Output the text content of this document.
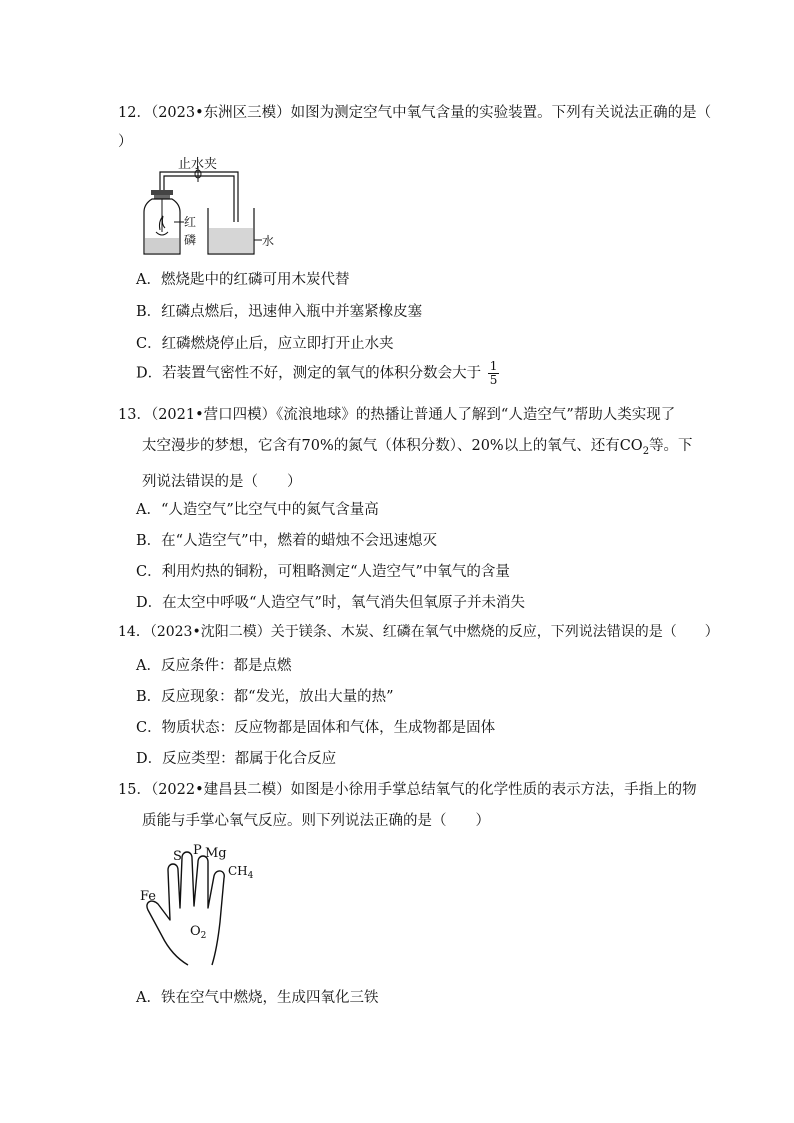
12．（2023•东洲区三模）如图为测定空气中氧气含量的实验装置。下列有关说法正确的是（
）
止水夹
红
磷	水
A．燃烧匙中的红磷可用木炭代替
B．红磷点燃后，迅速伸入瓶中并塞紧橡皮塞
C．红磷燃烧停止后，应立即打开止水夹
D．若装置气密性不好，测定的氧气的体积分数会大于 $\frac{1}{5}$
13．（2021•营口四模）《流浪地球》的热播让普通人了解到“人造空气”帮助人类实现了
太空漫步的梦想，它含有70%的氮气（体积分数）、20%以上的氧气、还有$CO_2$等。下
列说法错误的是（　　）
A．“人造空气”比空气中的氮气含量高
B．在“人造空气”中，燃着的蜡烛不会迅速熄灭
C．利用灼热的铜粉，可粗略测定“人造空气”中氧气的含量
D．在太空中呼吸“人造空气”时，氧气消失但氧原子并未消失
14．（2023•沈阳二模）关于镁条、木炭、红磷在氧气中燃烧的反应，下列说法错误的是（　　）
A．反应条件：都是点燃
B．反应现象：都“发光，放出大量的热”
C．物质状态：反应物都是固体和气体，生成物都是固体
D．反应类型：都属于化合反应
15．（2022•建昌县二模）如图是小徐用手掌总结氧气的化学性质的表示方法，手指上的物
质能与手掌心氧气反应。则下列说法正确的是（　　）
S P Mg
$CH_4$
Fe
$O_2$
A．铁在空气中燃烧，生成四氧化三铁
